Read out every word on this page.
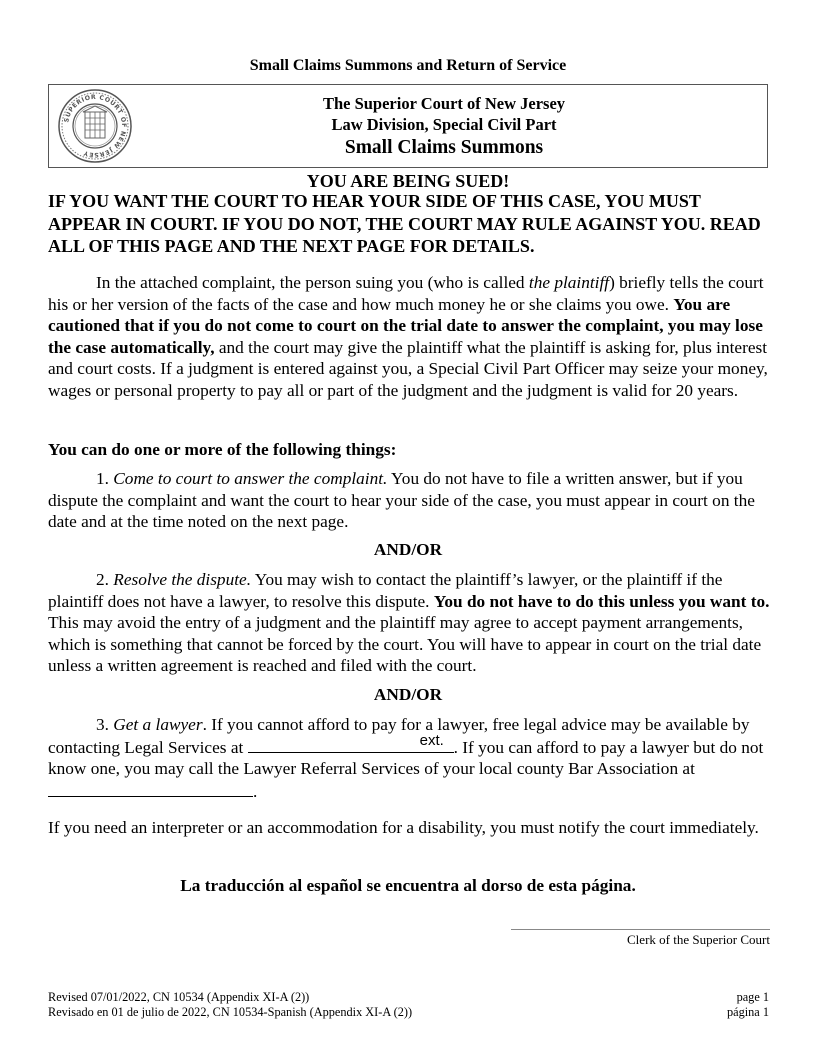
Small Claims Summons and Return of Service
SUPERIOR COURT OF NEW JERSEY
The Superior Court of New Jersey
Law Division, Special Civil Part
Small Claims Summons
YOU ARE BEING SUED!
IF YOU WANT THE COURT TO HEAR YOUR SIDE OF THIS CASE, YOU MUST APPEAR IN COURT. IF YOU DO NOT, THE COURT MAY RULE AGAINST YOU. READ ALL OF THIS PAGE AND THE NEXT PAGE FOR DETAILS.
In the attached complaint, the person suing you (who is called the plaintiff) briefly tells the court his or her version of the facts of the case and how much money he or she claims you owe. You are cautioned that if you do not come to court on the trial date to answer the complaint, you may lose the case automatically, and the court may give the plaintiff what the plaintiff is asking for, plus interest and court costs. If a judgment is entered against you, a Special Civil Part Officer may seize your money, wages or personal property to pay all or part of the judgment and the judgment is valid for 20 years.
You can do one or more of the following things:
1. Come to court to answer the complaint. You do not have to file a written answer, but if you dispute the complaint and want the court to hear your side of the case, you must appear in court on the date and at the time noted on the next page.
AND/OR
2. Resolve the dispute. You may wish to contact the plaintiff’s lawyer, or the plaintiff if the plaintiff does not have a lawyer, to resolve this dispute. You do not have to do this unless you want to. This may avoid the entry of a judgment and the plaintiff may agree to accept payment arrangements, which is something that cannot be forced by the court. You will have to appear in court on the trial date unless a written agreement is reached and filed with the court.
AND/OR
3. Get a lawyer. If you cannot afford to pay for a lawyer, free legal advice may be available by contacting Legal Services at	ext. . If you can afford to pay a lawyer but do not know one, you may call the Lawyer Referral Services of your local county Bar Association at.
If you need an interpreter or an accommodation for a disability, you must notify the court immediately.
La traducción al español se encuentra al dorso de esta página.
Clerk of the Superior Court
Revised 07/01/2022, CN 10534 (Appendix XI-A (2))	page 1
Revisado en 01 de julio de 2022, CN 10534-Spanish (Appendix XI-A (2))	página 1
